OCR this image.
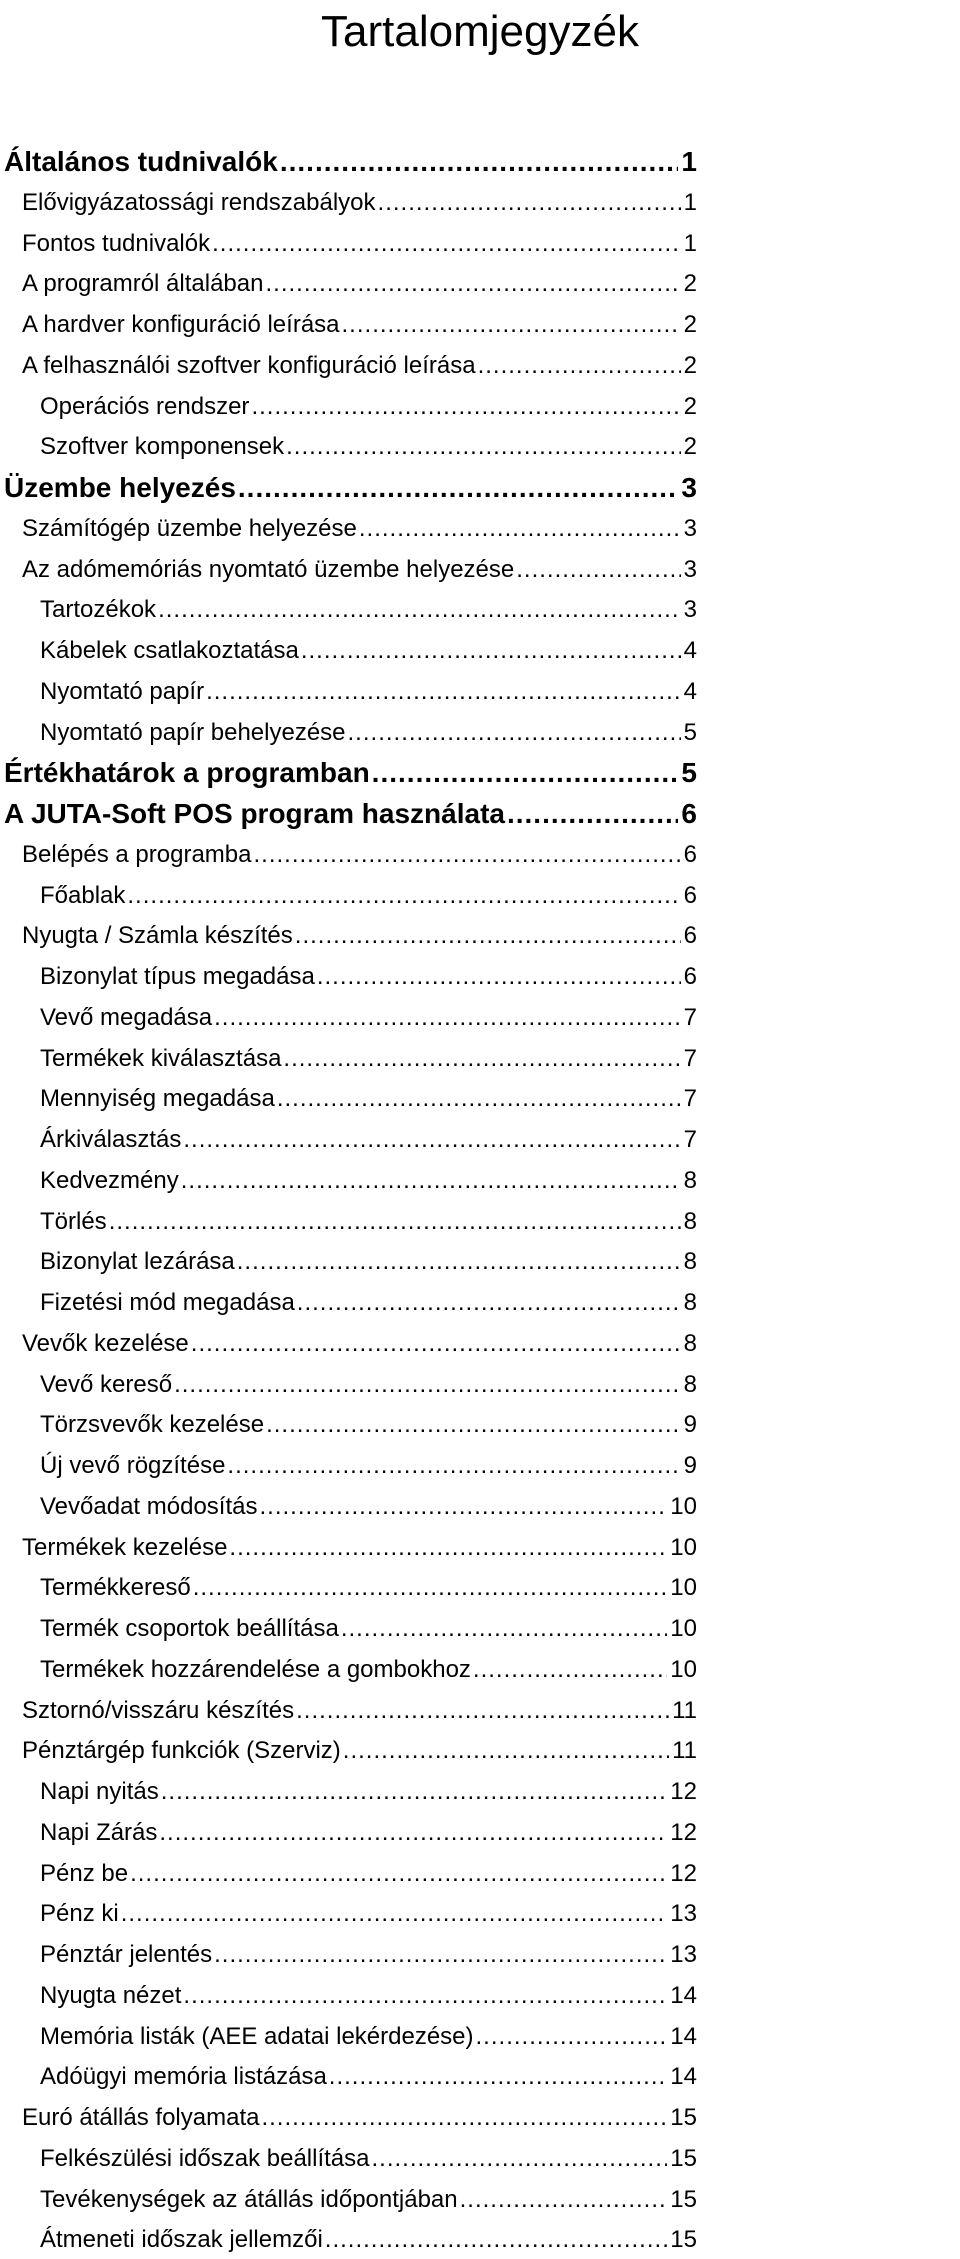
Tartalomjegyzék
Általános tudnivalók .....	1
Elővigyázatossági rendszabályok .....	1
Fontos tudnivalók .....	1
A programról általában .....	2
A hardver konfiguráció leírása .....	2
A felhasználói szoftver konfiguráció leírása .....	2
Operációs rendszer .....	2
Szoftver komponensek .....	2
Üzembe helyezés .....	3
Számítógép üzembe helyezése .....	3
Az adómemóriás nyomtató üzembe helyezése .....	3
Tartozékok .....	3
Kábelek csatlakoztatása .....	4
Nyomtató papír .....	4
Nyomtató papír behelyezése .....	5
Értékhatárok a programban .....	5
A JUTA-Soft POS program használata .....	6
Belépés a programba .....	6
Főablak .....	6
Nyugta / Számla készítés .....	6
Bizonylat típus megadása .....	6
Vevő megadása .....	7
Termékek kiválasztása .....	7
Mennyiség megadása .....	7
Árkiválasztás .....	7
Kedvezmény .....	8
Törlés .....	8
Bizonylat lezárása .....	8
Fizetési mód megadása .....	8
Vevők kezelése .....	8
Vevő kereső .....	8
Törzsvevők kezelése .....	9
Új vevő rögzítése .....	9
Vevőadat módosítás .....	10
Termékek kezelése .....	10
Termékkereső .....	10
Termék csoportok beállítása .....	10
Termékek hozzárendelése a gombokhoz .....	10
Sztornó/visszáru készítés .....	11
Pénztárgép funkciók (Szerviz) .....	11
Napi nyitás .....	12
Napi Zárás .....	12
Pénz be .....	12
Pénz ki .....	13
Pénztár jelentés .....	13
Nyugta nézet .....	14
Memória listák (AEE adatai lekérdezése) .....	14
Adóügyi memória listázása .....	14
Euró átállás folyamata .....	15
Felkészülési időszak beállítása .....	15
Tevékenységek az átállás időpontjában .....	15
Átmeneti időszak jellemzői .....	15
